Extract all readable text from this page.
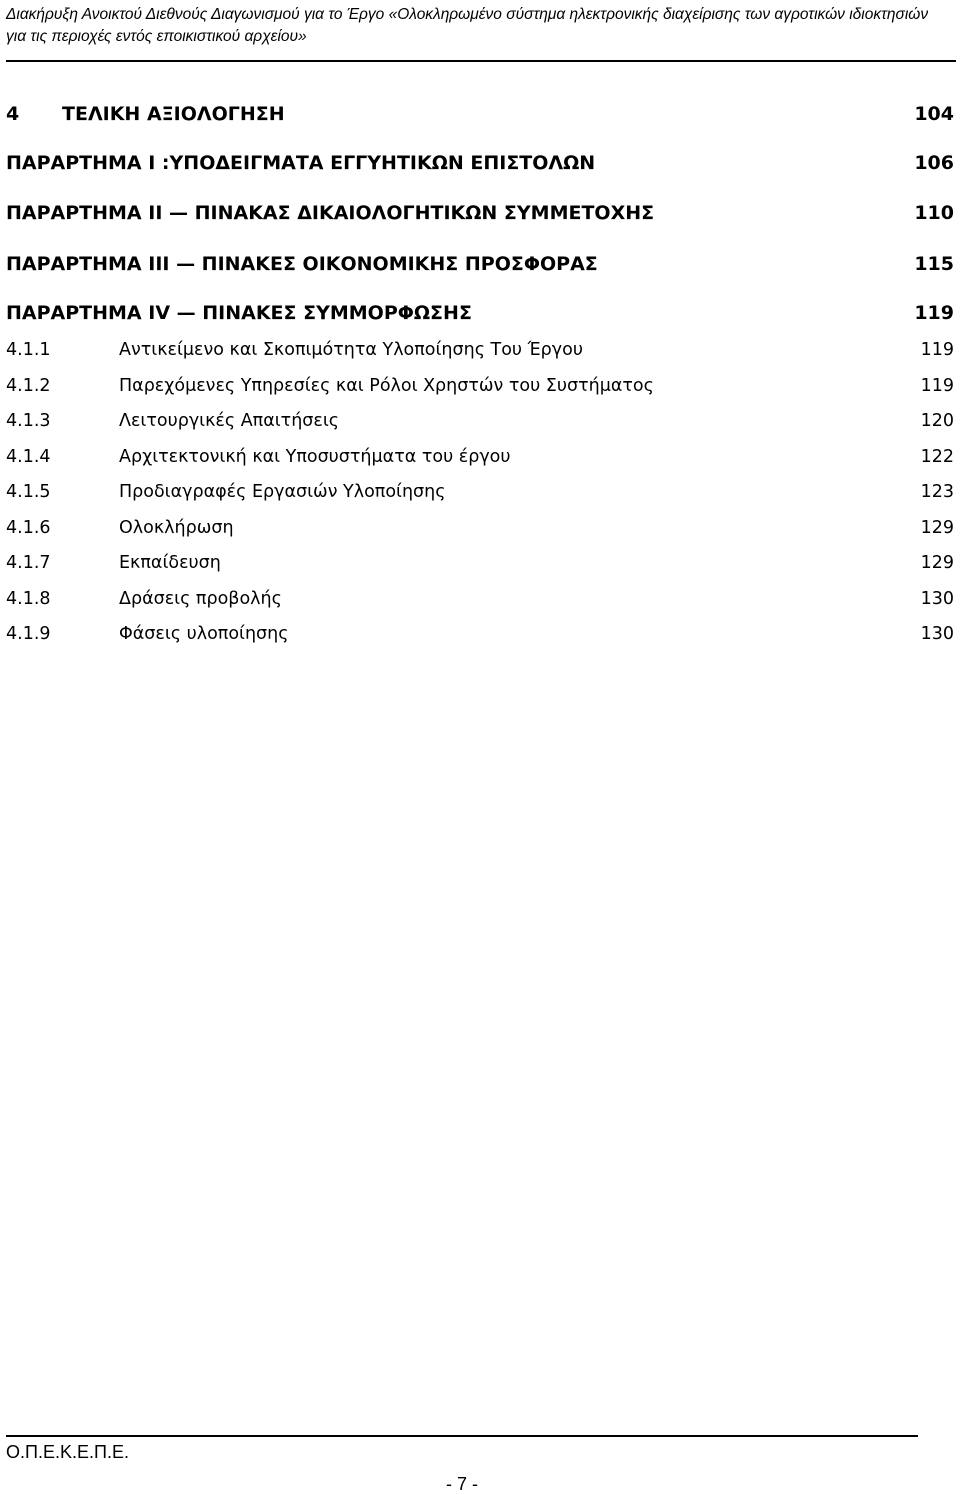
Διακήρυξη Ανοικτού Διεθνούς Διαγωνισμού για το Έργο «Ολοκληρωμένο σύστημα ηλεκτρονικής διαχείρισης των αγροτικών ιδιοκτησιών
για τις περιοχές εντός εποικιστικού αρχείου»
4	ΤΕΛΙΚΗ ΑΞΙΟΛΟΓΗΣΗ	104
ΠΑΡΑΡΤΗΜΑ Ι :ΥΠΟΔΕΙΓΜΑΤΑ ΕΓΓΥΗΤΙΚΩΝ ΕΠΙΣΤΟΛΩΝ	106
ΠΑΡΑΡΤΗΜΑ ΙΙ — ΠΙΝΑΚΑΣ ΔΙΚΑΙΟΛΟΓΗΤΙΚΩΝ ΣΥΜΜΕΤΟΧΗΣ	110
ΠΑΡΑΡΤΗΜΑ ΙΙΙ — ΠΙΝΑΚΕΣ ΟΙΚΟΝΟΜΙΚΗΣ ΠΡΟΣΦΟΡΑΣ	115
ΠΑΡΑΡΤΗΜΑ IV — ΠΙΝΑΚΕΣ ΣΥΜΜΟΡΦΩΣΗΣ	119
4.1.1	Αντικείμενο και Σκοπιμότητα Υλοποίησης Του Έργου	119
4.1.2	Παρεχόμενες Υπηρεσίες και Ρόλοι Χρηστών του Συστήματος	119
4.1.3	Λειτουργικές Απαιτήσεις	120
4.1.4	Αρχιτεκτονική και Υποσυστήματα του έργου	122
4.1.5	Προδιαγραφές Εργασιών Υλοποίησης	123
4.1.6	Ολοκλήρωση	129
4.1.7	Εκπαίδευση	129
4.1.8	Δράσεις προβολής	130
4.1.9	Φάσεις υλοποίησης	130
Ο.Π.Ε.Κ.Ε.Π.Ε.
- 7 -
